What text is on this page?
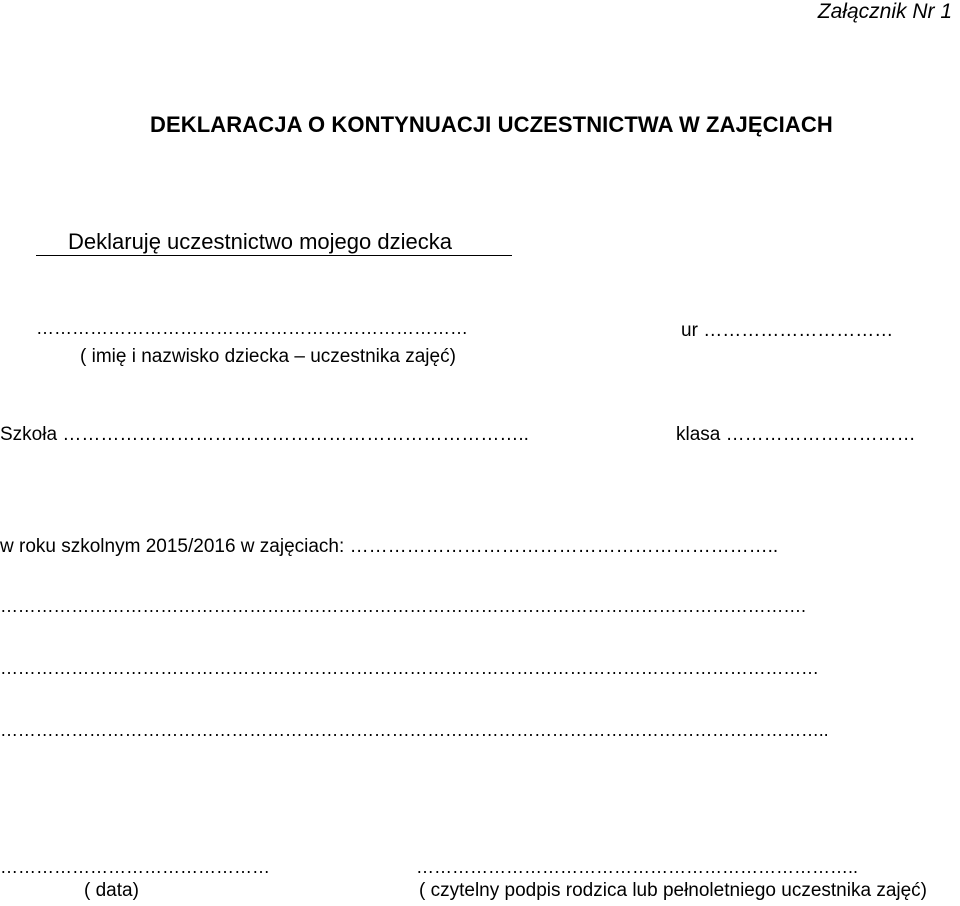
Załącznik Nr 1
DEKLARACJA O KONTYNUACJI UCZESTNICTWA W ZAJĘCIACH
Deklaruję uczestnictwo mojego dziecka
………………………………………………………………
( imię i nazwisko dziecka – uczestnika zajęć)
ur …………………………
Szkoła ………………………………………………………………..	klasa …………………………
w roku szkolnym 2015/2016 w zajęciach: …………………………………………………………..
……………………………………………………………………………………………………………………….
…………………………………………………………………………………………………………………………
…………………………………………………………………………………………………………………………..
………………………………………	………………………………………………………………..
( data)	( czytelny podpis rodzica lub pełnoletniego uczestnika zajęć)
